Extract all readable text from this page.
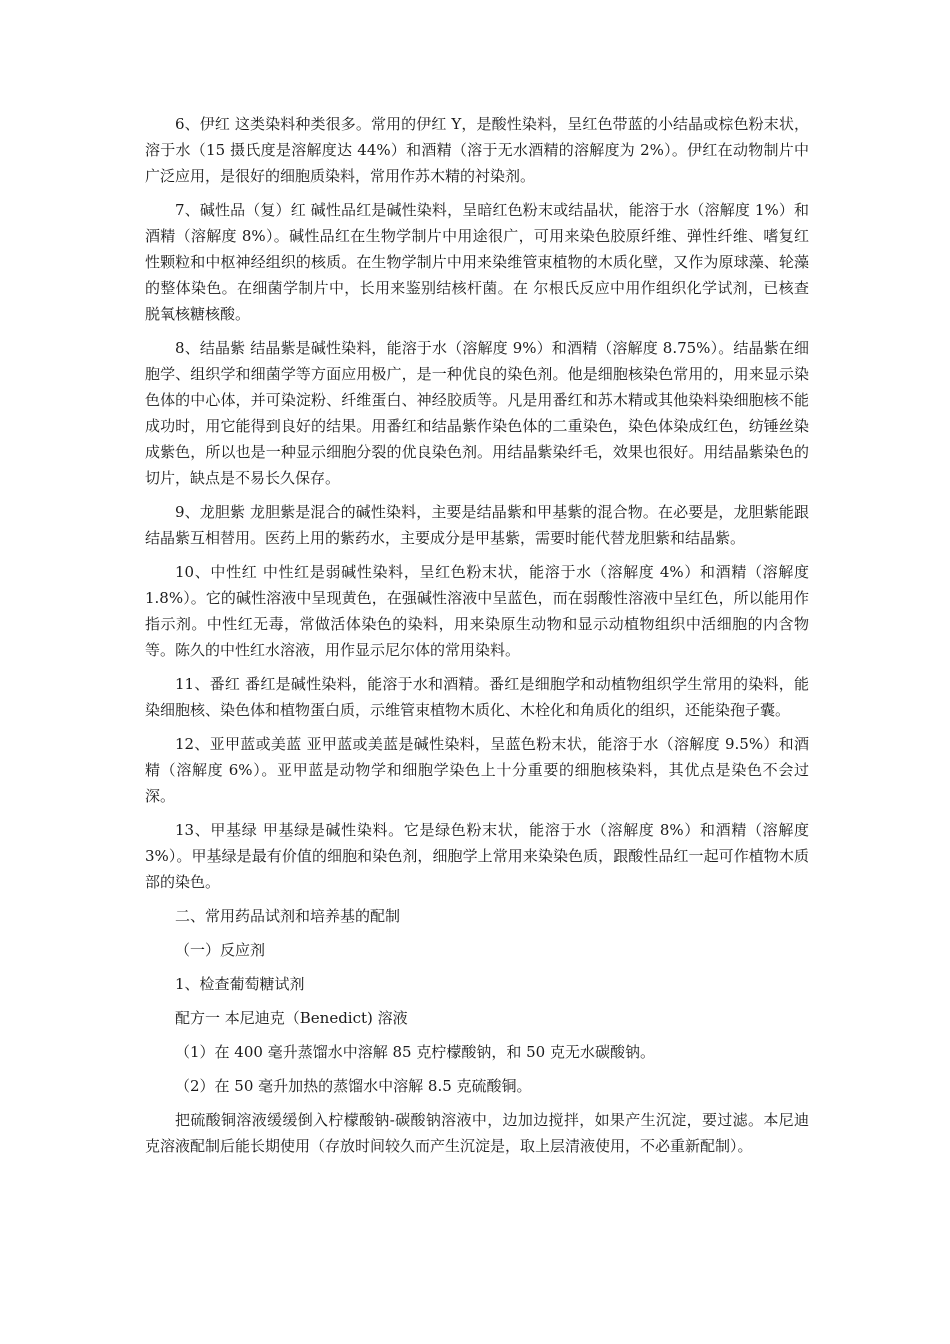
6、伊红 这类染料种类很多。常用的伊红 Y，是酸性染料，呈红色带蓝的小结晶或棕色粉末状，溶于水（15 摄氏度是溶解度达 44%）和酒精（溶于无水酒精的溶解度为 2%）。伊红在动物制片中广泛应用，是很好的细胞质染料，常用作苏木精的衬染剂。

7、碱性品（复）红 碱性品红是碱性染料，呈暗红色粉末或结晶状，能溶于水（溶解度 1%）和酒精（溶解度 8%）。碱性品红在生物学制片中用途很广，可用来染色胶原纤维、弹性纤维、嗜复红性颗粒和中枢神经组织的核质。在生物学制片中用来染维管束植物的木质化壁，又作为原球藻、轮藻的整体染色。在细菌学制片中，长用来鉴别结核杆菌。在 尔根氏反应中用作组织化学试剂，已核查脱氧核糖核酸。

8、结晶紫 结晶紫是碱性染料，能溶于水（溶解度 9%）和酒精（溶解度 8.75%）。结晶紫在细胞学、组织学和细菌学等方面应用极广，是一种优良的染色剂。他是细胞核染色常用的，用来显示染色体的中心体，并可染淀粉、纤维蛋白、神经胶质等。凡是用番红和苏木精或其他染料染细胞核不能成功时，用它能得到良好的结果。用番红和结晶紫作染色体的二重染色，染色体染成红色，纺锤丝染成紫色，所以也是一种显示细胞分裂的优良染色剂。用结晶紫染纤毛，效果也很好。用结晶紫染色的切片，缺点是不易长久保存。

9、龙胆紫 龙胆紫是混合的碱性染料，主要是结晶紫和甲基紫的混合物。在必要是，龙胆紫能跟结晶紫互相替用。医药上用的紫药水，主要成分是甲基紫，需要时能代替龙胆紫和结晶紫。

10、中性红 中性红是弱碱性染料，呈红色粉末状，能溶于水（溶解度 4%）和酒精（溶解度 1.8%）。它的碱性溶液中呈现黄色，在强碱性溶液中呈蓝色，而在弱酸性溶液中呈红色，所以能用作指示剂。中性红无毒，常做活体染色的染料，用来染原生动物和显示动植物组织中活细胞的内含物等。陈久的中性红水溶液，用作显示尼尔体的常用染料。

11、番红 番红是碱性染料，能溶于水和酒精。番红是细胞学和动植物组织学生常用的染料，能染细胞核、染色体和植物蛋白质，示维管束植物木质化、木栓化和角质化的组织，还能染孢子囊。

12、亚甲蓝或美蓝 亚甲蓝或美蓝是碱性染料，呈蓝色粉末状，能溶于水（溶解度 9.5%）和酒精（溶解度 6%）。亚甲蓝是动物学和细胞学染色上十分重要的细胞核染料，其优点是染色不会过深。

13、甲基绿 甲基绿是碱性染料。它是绿色粉末状，能溶于水（溶解度 8%）和酒精（溶解度 3%）。甲基绿是最有价值的细胞和染色剂，细胞学上常用来染染色质，跟酸性品红一起可作植物木质部的染色。

二、常用药品试剂和培养基的配制

（一）反应剂

1、检查葡萄糖试剂

配方一 本尼迪克（Benedict) 溶液

（1）在 400 毫升蒸馏水中溶解 85 克柠檬酸钠，和 50 克无水碳酸钠。

（2）在 50 毫升加热的蒸馏水中溶解 8.5 克硫酸铜。

把硫酸铜溶液缓缓倒入柠檬酸钠-碳酸钠溶液中，边加边搅拌，如果产生沉淀，要过滤。本尼迪克溶液配制后能长期使用（存放时间较久而产生沉淀是，取上层清液使用，不必重新配制）。
